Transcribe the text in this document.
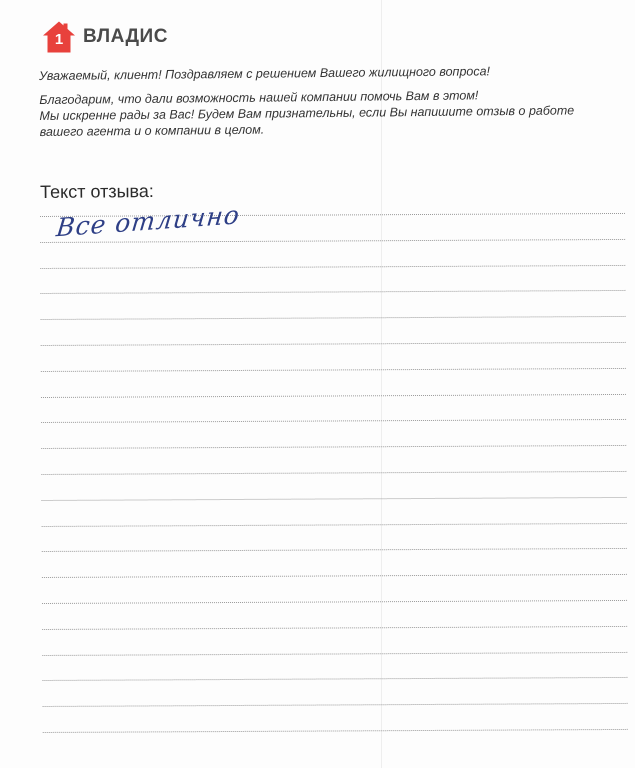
1	ВЛАДИС

Уважаемый, клиент! Поздравляем с решением Вашего жилищного вопроса!

Благодарим, что дали возможность нашей компании помочь Вам в этом!

Мы искренне рады за Вас! Будем Вам признательны, если Вы напишите отзыв о работе

вашего агента и о компании в целом.

Текст отзыва:
Все отлично
